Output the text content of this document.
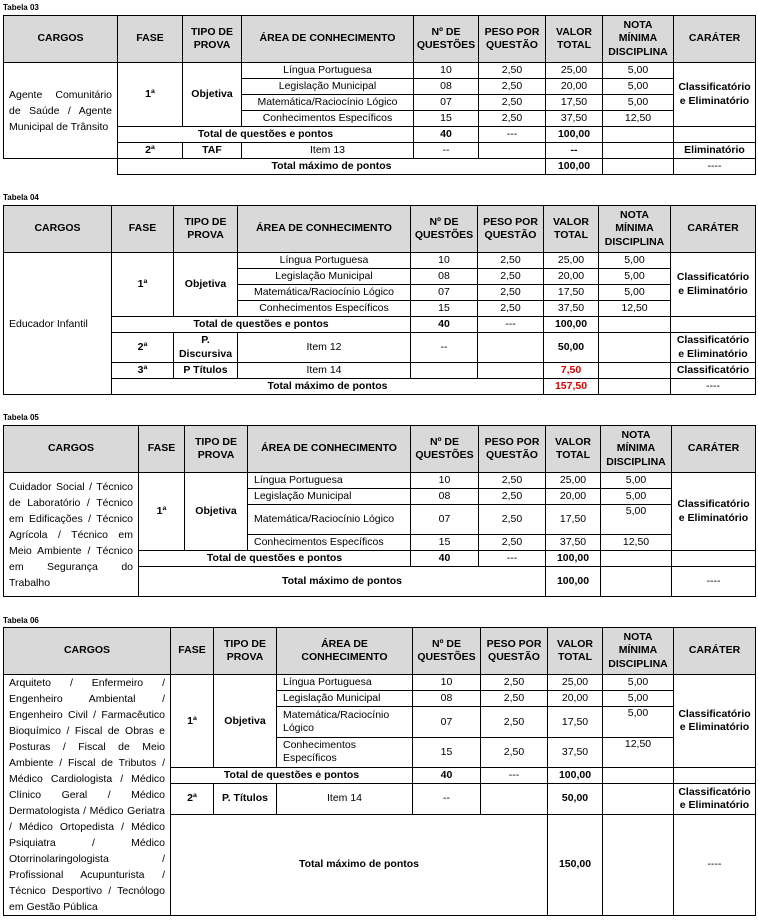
Tabela 03
CARGOS	FASE	TIPO DE PROVA	ÁREA DE CONHECIMENTO	Nº DE QUESTÕES	PESO POR QUESTÃO	VALOR TOTAL	NOTA MÍNIMA DISCIPLINA	CARÁTER
Agente Comunitário de Saúde / Agente Municipal de Trânsito	1ª	Objetiva	Língua Portuguesa	10	2,50	25,00	5,00	Classificatório e Eliminatório
			Legislação Municipal	08	2,50	20,00	5,00	
			Matemática/Raciocínio Lógico	07	2,50	17,50	5,00	
			Conhecimentos Específicos	15	2,50	37,50	12,50	
	Total de questões e pontos			40	---	100,00		
	2ª	TAF	Item 13	--		--		Eliminatório
	Total máximo de pontos					100,00		----
Tabela 04
CARGOS	FASE	TIPO DE PROVA	ÁREA DE CONHECIMENTO	Nº DE QUESTÕES	PESO POR QUESTÃO	VALOR TOTAL	NOTA MÍNIMA DISCIPLINA	CARÁTER
Educador Infantil	1ª	Objetiva	Língua Portuguesa	10	2,50	25,00	5,00	Classificatório e Eliminatório
			Legislação Municipal	08	2,50	20,00	5,00	
			Matemática/Raciocínio Lógico	07	2,50	17,50	5,00	
			Conhecimentos Específicos	15	2,50	37,50	12,50	
	Total de questões e pontos			40	---	100,00		
	2ª	P. Discursiva	Item 12	--		50,00		Classificatório e Eliminatório
	3ª	P Títulos	Item 14			7,50		Classificatório
	Total máximo de pontos					157,50		----
Tabela 05
CARGOS	FASE	TIPO DE PROVA	ÁREA DE CONHECIMENTO	Nº DE QUESTÕES	PESO POR QUESTÃO	VALOR TOTAL	NOTA MÍNIMA DISCIPLINA	CARÁTER
Cuidador Social / Técnico de Laboratório / Técnico em Edificações / Técnico Agrícola / Técnico em Meio Ambiente / Técnico em Segurança do Trabalho	1ª	Objetiva	Língua Portuguesa	10	2,50	25,00	5,00	Classificatório e Eliminatório
			Legislação Municipal	08	2,50	20,00	5,00	
			Matemática/Raciocínio Lógico	07	2,50	17,50	5,00	
			Conhecimentos Específicos	15	2,50	37,50	12,50	
	Total de questões e pontos			40	---	100,00		
	Total máximo de pontos					100,00		----
Tabela 06
CARGOS	FASE	TIPO DE PROVA	ÁREA DE CONHECIMENTO	Nº DE QUESTÕES	PESO POR QUESTÃO	VALOR TOTAL	NOTA MÍNIMA DISCIPLINA	CARÁTER
Arquiteto / Enfermeiro / Engenheiro Ambiental / Engenheiro Civil / Farmacêutico Bioquímico / Fiscal de Obras e Posturas / Fiscal de Meio Ambiente / Fiscal de Tributos / Médico Cardiologista / Médico Clínico Geral / Médico Dermatologista / Médico Geriatra / Médico Ortopedista / Médico Psiquiatra / Médico Otorrinolaringologista / Profissional Acupunturista / Técnico Desportivo / Tecnólogo em Gestão Pública	1ª	Objetiva	Língua Portuguesa	10	2,50	25,00	5,00	Classificatório e Eliminatório
			Legislação Municipal	08	2,50	20,00	5,00	
			Matemática/Raciocínio Lógico	07	2,50	17,50	5,00	
			Conhecimentos Específicos	15	2,50	37,50	12,50	
	Total de questões e pontos			40	---	100,00		
	2ª	P. Títulos	Item 14	--		50,00		Classificatório e Eliminatório
	Total máximo de pontos					150,00		----
